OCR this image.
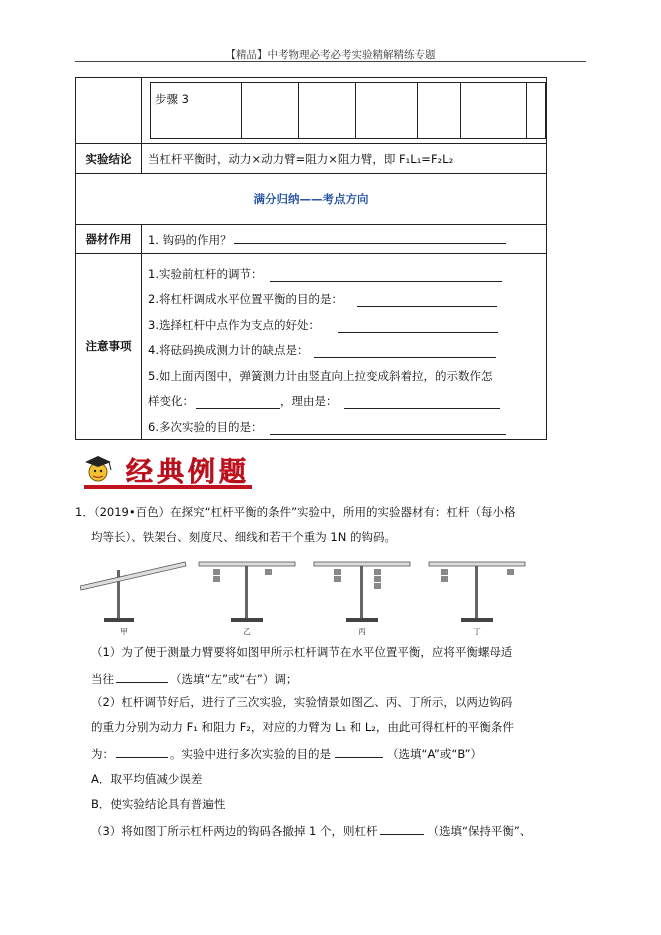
【精品】中考物理必考必考实验精解精练专题

步骤 3						

实验结论	当杠杆平衡时，动力×动力臂=阻力×阻力臂，即 F₁L₁=F₂L₂
满分归纳——考点方向
器材作用	1. 钩码的作用？
注意事项	
1.实验前杠杆的调节：
2.将杠杆调成水平位置平衡的目的是：
3.选择杠杆中点作为支点的好处：
4.将砝码换成测力计的缺点是：
5.如上面丙图中，弹簧测力计由竖直向上拉变成斜着拉，的示数作怎
样变化：	，理由是：
6.多次实验的目的是：
经典例题
1．（2019•百色）在探究“杠杆平衡的条件”实验中，所用的实验器材有：杠杆（每小格
均等长）、铁架台、刻度尺、细线和若干个重为 1N 的钩码。
甲	乙	丙	丁
（1）为了便于测量力臂要将如图甲所示杠杆调节在水平位置平衡，应将平衡螺母适
当往	（选填“左”或“右”）调；
（2）杠杆调节好后，进行了三次实验，实验情景如图乙、丙、丁所示，以两边钩码
的重力分别为动力 F₁ 和阻力 F₂，对应的力臂为 L₁ 和 L₂，由此可得杠杆的平衡条件
为：	。实验中进行多次实验的目的是	（选填“A”或“B”）
A．取平均值减少误差
B．使实验结论具有普遍性
（3）将如图丁所示杠杆两边的钩码各撤掉 1 个，则杠杆	（选填“保持平衡”、
